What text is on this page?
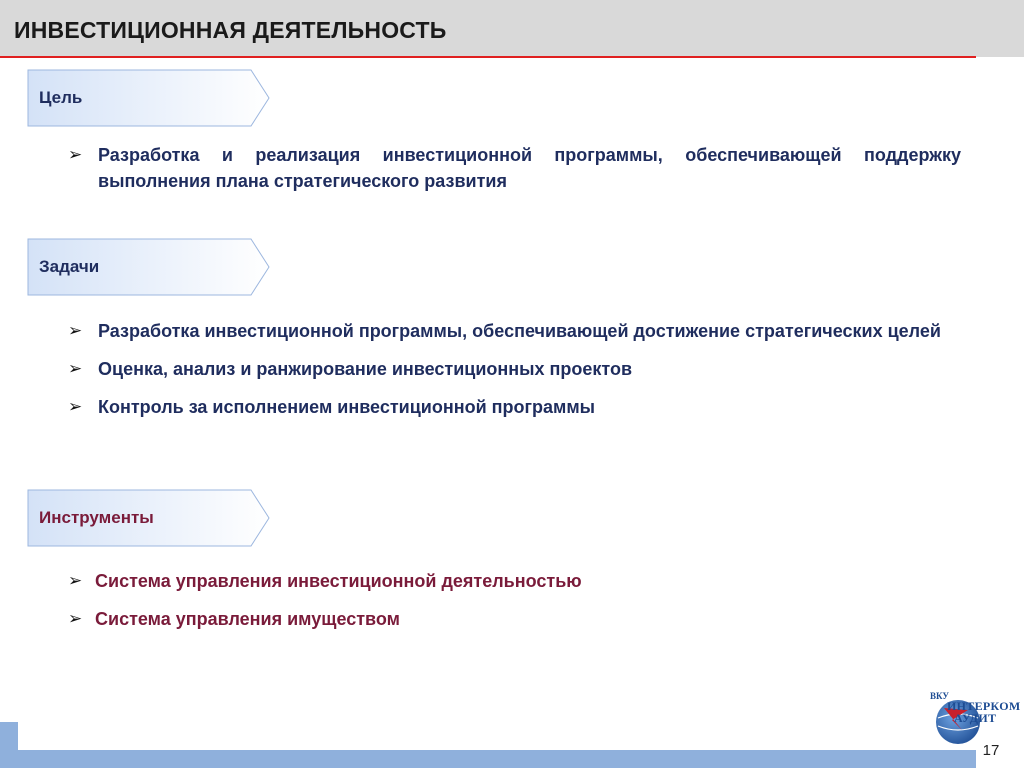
ИНВЕСТИЦИОННАЯ ДЕЯТЕЛЬНОСТЬ
Цель

➢ Разработка и реализация инвестиционной программы, обеспечивающей поддержку выполнения плана стратегического развития

Задачи

➢ Разработка инвестиционной программы, обеспечивающей достижение стратегических целей

➢ Оценка, анализ и ранжирование инвестиционных проектов

➢ Контроль за исполнением инвестиционной программы

Инструменты

➢ Система управления инвестиционной деятельностью

➢ Система управления имуществом

ВКУ
ИНТЕРКОМ
АУДИТ
17
